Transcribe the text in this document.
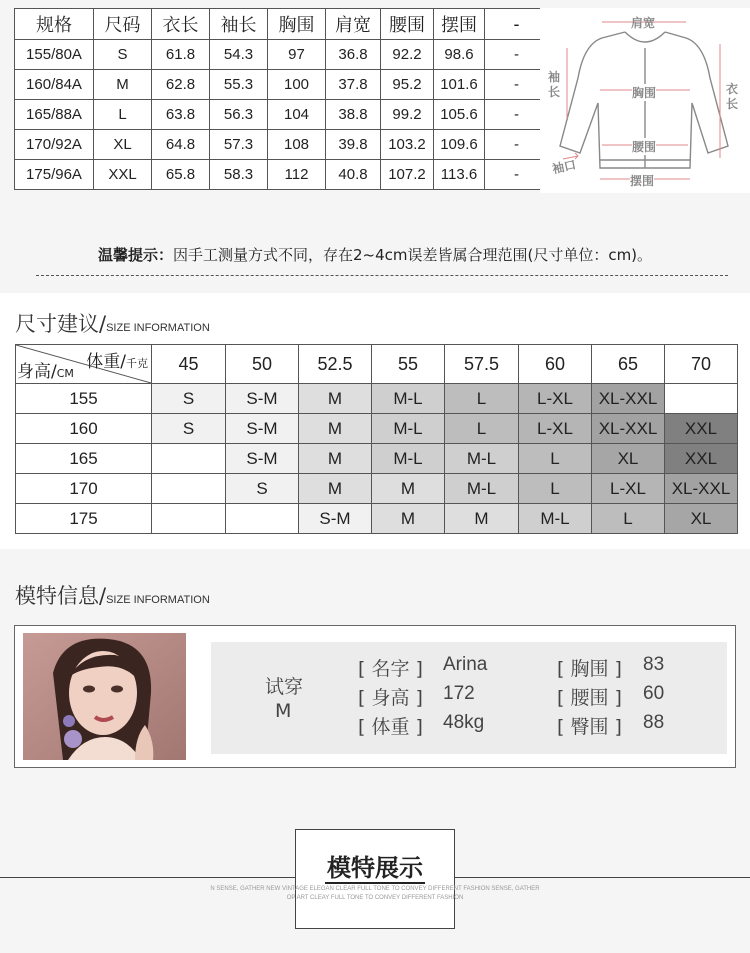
规格	尺码	衣长	袖长	胸围	肩宽	腰围	摆围	-
155/80A	S	61.8	54.3	97	36.8	92.2	98.6	-
160/84A	M	62.8	55.3	100	37.8	95.2	101.6	-
165/88A	L	63.8	56.3	104	38.8	99.2	105.6	-
170/92A	XL	64.8	57.3	108	39.8	103.2	109.6	-
175/96A	XXL	65.8	58.3	112	40.8	107.2	113.6	-
肩宽
袖长	衣长
胸围
腰围
袖口
摆围
温馨提示：因手工测量方式不同，存在2~4cm误差皆属合理范围(尺寸单位：cm)。
尺寸建议/SIZE INFORMATION
体重/千克
身高/CM	45	50	52.5	55	57.5	60	65	70
155	S	S-M	M	M-L	L	L-XL	XL-XXL	
160	S	S-M	M	M-L	L	L-XL	XL-XXL	XXL
165		S-M	M	M-L	M-L	L	XL	XXL
170		S	M	M	M-L	L	L-XL	XL-XXL
175			S-M	M	M	M-L	L	XL
模特信息/SIZE INFORMATION
试穿
M
[ 名字 ] Arina
[ 身高 ] 172
[ 体重 ] 48kg
[ 胸围 ] 83
[ 腰围 ] 60
[ 臀围 ] 88
模特展示
N SENSE, GATHER NEW VINTAGE ELEGAN CLEAR FULL TONE TO CONVEY DIFFERENT FASHION SENSE, GATHER
OP ART CLEAY FULL TONE TO CONVEY DIFFERENT FASHION
